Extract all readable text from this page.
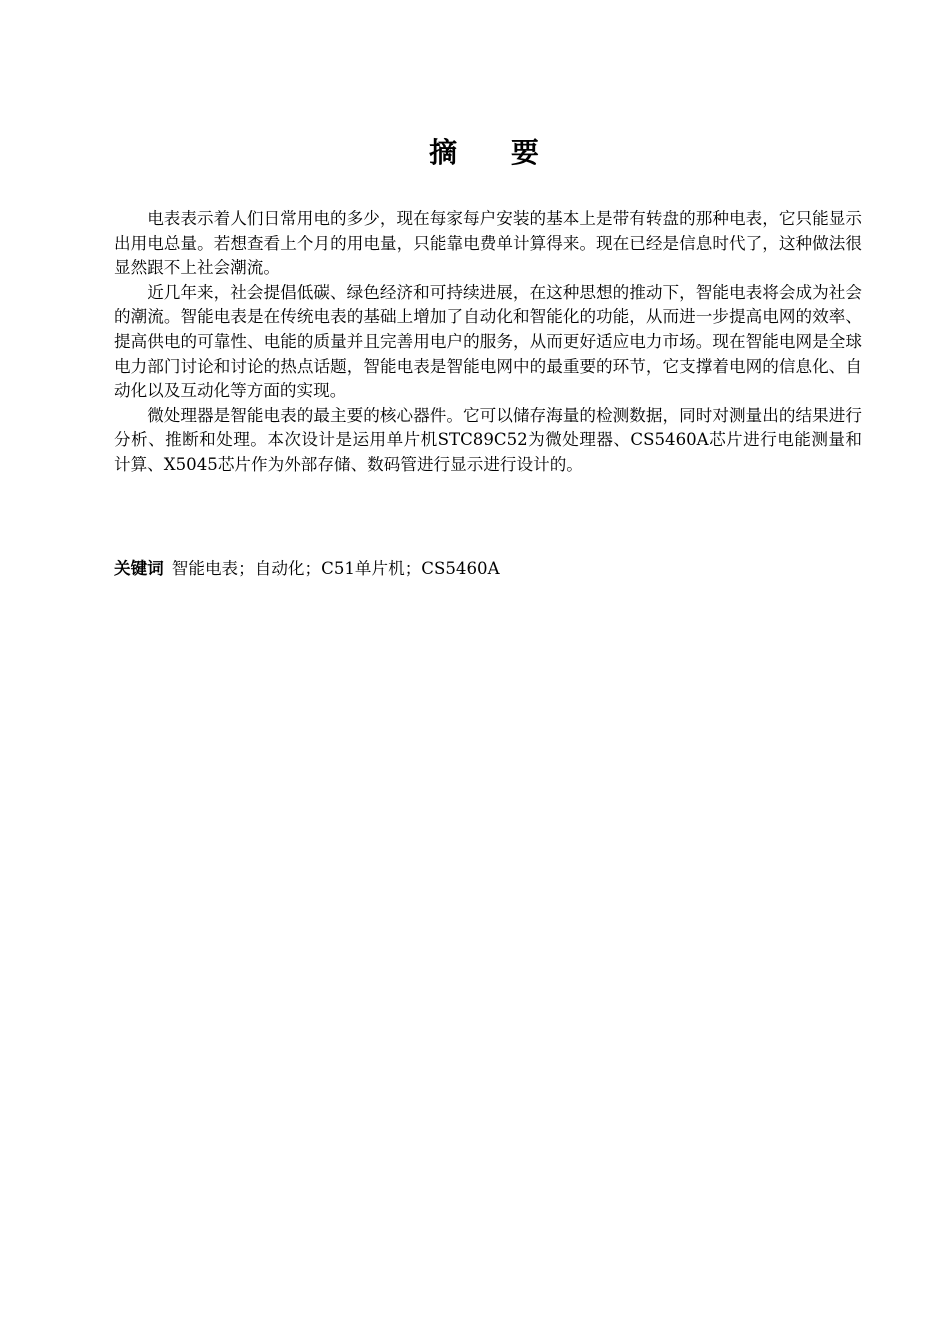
摘 要

电表表示着人们日常用电的多少，现在每家每户安装的基本上是带有转盘的那种电表，它只能显示出用电总量。若想查看上个月的用电量，只能靠电费单计算得来。现在已经是信息时代了，这种做法很显然跟不上社会潮流。

近几年来，社会提倡低碳、绿色经济和可持续进展，在这种思想的推动下，智能电表将会成为社会的潮流。智能电表是在传统电表的基础上增加了自动化和智能化的功能，从而进一步提高电网的效率、提高供电的可靠性、电能的质量并且完善用电户的服务，从而更好适应电力市场。现在智能电网是全球电力部门讨论和讨论的热点话题，智能电表是智能电网中的最重要的环节，它支撑着电网的信息化、自动化以及互动化等方面的实现。

微处理器是智能电表的最主要的核心器件。它可以储存海量的检测数据，同时对测量出的结果进行分析、推断和处理。本次设计是运用单片机STC89C52为微处理器、CS5460A芯片进行电能测量和计算、X5045芯片作为外部存储、数码管进行显示进行设计的。

关键词 智能电表；自动化；C51单片机；CS5460A
